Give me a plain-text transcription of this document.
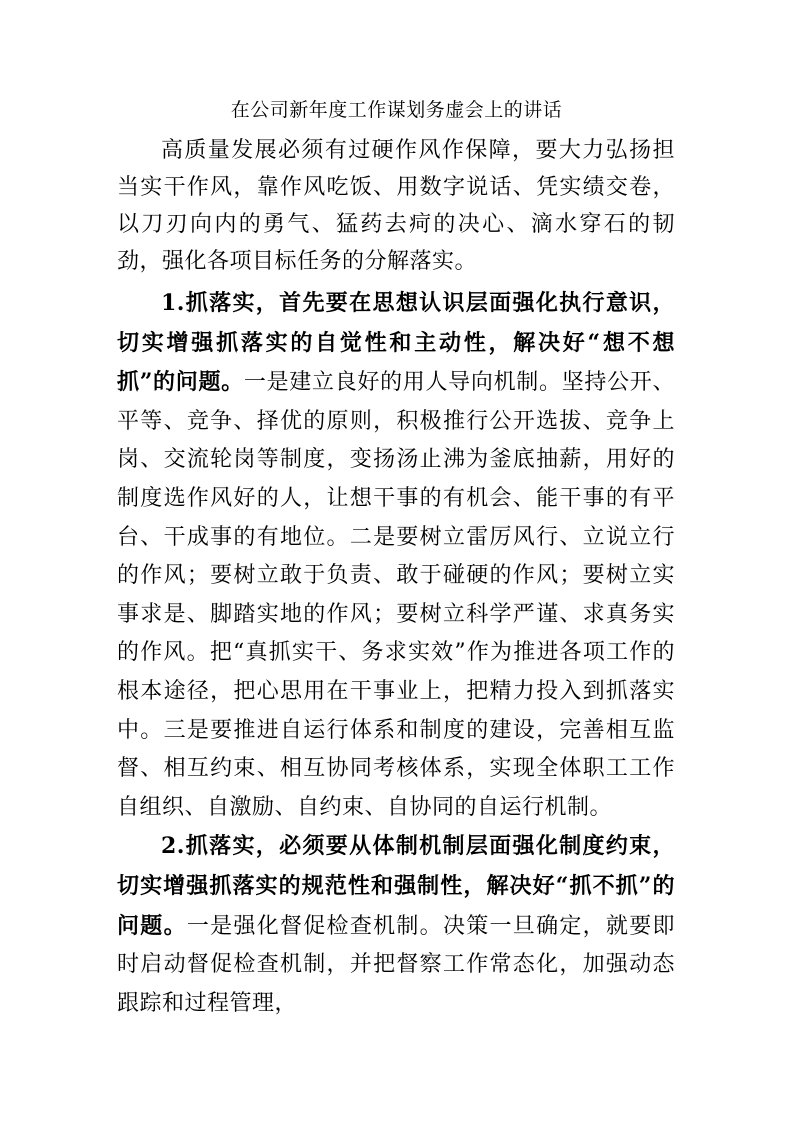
在公司新年度工作谋划务虚会上的讲话

高质量发展必须有过硬作风作保障，要大力弘扬担当实干作风，靠作风吃饭、用数字说话、凭实绩交卷，以刀刃向内的勇气、猛药去疴的决心、滴水穿石的韧劲，强化各项目标任务的分解落实。

1.抓落实，首先要在思想认识层面强化执行意识，切实增强抓落实的自觉性和主动性，解决好“想不想抓”的问题。一是建立良好的用人导向机制。坚持公开、平等、竞争、择优的原则，积极推行公开选拔、竞争上岗、交流轮岗等制度，变扬汤止沸为釜底抽薪，用好的制度选作风好的人，让想干事的有机会、能干事的有平台、干成事的有地位。二是要树立雷厉风行、立说立行的作风；要树立敢于负责、敢于碰硬的作风；要树立实事求是、脚踏实地的作风；要树立科学严谨、求真务实的作风。把“真抓实干、务求实效”作为推进各项工作的根本途径，把心思用在干事业上，把精力投入到抓落实中。三是要推进自运行体系和制度的建设，完善相互监督、相互约束、相互协同考核体系，实现全体职工工作自组织、自激励、自约束、自协同的自运行机制。

2.抓落实，必须要从体制机制层面强化制度约束，切实增强抓落实的规范性和强制性，解决好“抓不抓”的问题。一是强化督促检查机制。决策一旦确定，就要即时启动督促检查机制，并把督察工作常态化，加强动态跟踪和过程管理，
